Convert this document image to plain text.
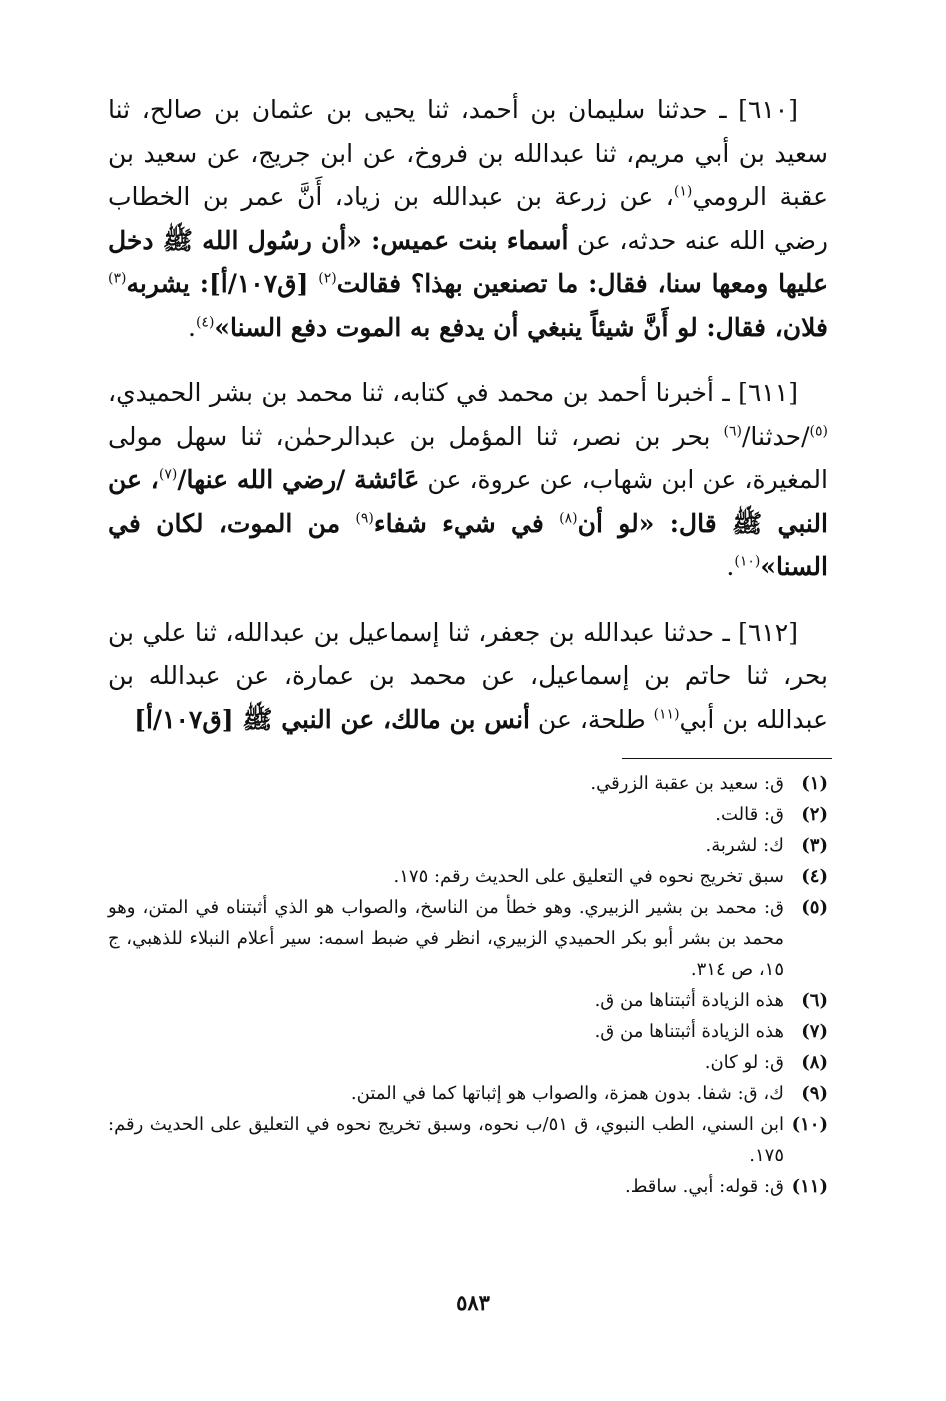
[٦١٠] ـ حدثنا سليمان بن أحمد، ثنا يحيى بن عثمان بن صالح، ثنا سعيد بن أبي مريم، ثنا عبدالله بن فروخ، عن ابن جريج، عن سعيد بن عقبة الرومي$^{(١)}$، عن زرعة بن عبدالله بن زياد، أَنَّ عمر بن الخطاب رضي الله عنه حدثه، عن أسماء بنت عميس: «أن رسُول الله ﷺ دخل عليها ومعها سنا، فقال: ما تصنعين بهذا؟ فقالت$^{(٢)}$ [ق١٠٧/أ]: يشربه$^{(٣)}$ فلان، فقال: لو أَنَّ شيئاً ينبغي أن يدفع به الموت دفع السنا»$^{(٤)}$.

[٦١١] ـ أخبرنا أحمد بن محمد في كتابه، ثنا محمد بن بشر الحميدي،$^{(٥)}$/حدثنا/$^{(٦)}$ بحر بن نصر، ثنا المؤمل بن عبدالرحمٰن، ثنا سهل مولى المغيرة، عن ابن شهاب، عن عروة، عن عَائشة /رضي الله عنها/$^{(٧)}$، عن النبي ﷺ قال: «لو أن$^{(٨)}$ في شيء شفاء$^{(٩)}$ من الموت، لكان في السنا»$^{(١٠)}$.

[٦١٢] ـ حدثنا عبدالله بن جعفر، ثنا إسماعيل بن عبدالله، ثنا علي بن بحر، ثنا حاتم بن إسماعيل، عن محمد بن عمارة، عن عبدالله بن عبدالله بن أبي$^{(١١)}$ طلحة، عن أنس بن مالك، عن النبي ﷺ [ق١٠٧/أ]

(١)
ق: سعيد بن عقبة الزرقي.
(٢)
ق: قالت.
(٣)
ك: لشربة.
(٤)
سبق تخريج نحوه في التعليق على الحديث رقم: ١٧٥.
(٥)
ق: محمد بن بشير الزبيري. وهو خطأ من الناسخ، والصواب هو الذي أثبتناه في المتن، وهو محمد بن بشر أبو بكر الحميدي الزبيري، انظر في ضبط اسمه: سير أعلام النبلاء للذهبي، ج ١٥، ص ٣١٤.
(٦)
هذه الزيادة أثبتناها من ق.
(٧)
هذه الزيادة أثبتناها من ق.
(٨)
ق: لو كان.
(٩)
ك، ق: شفا. بدون همزة، والصواب هو إثباتها كما في المتن.
(١٠)
ابن السني، الطب النبوي، ق ٥١/ب نحوه، وسبق تخريج نحوه في التعليق على الحديث رقم: ١٧٥.
(١١)
ق: قوله: أبي. ساقط.
٥٨٣
